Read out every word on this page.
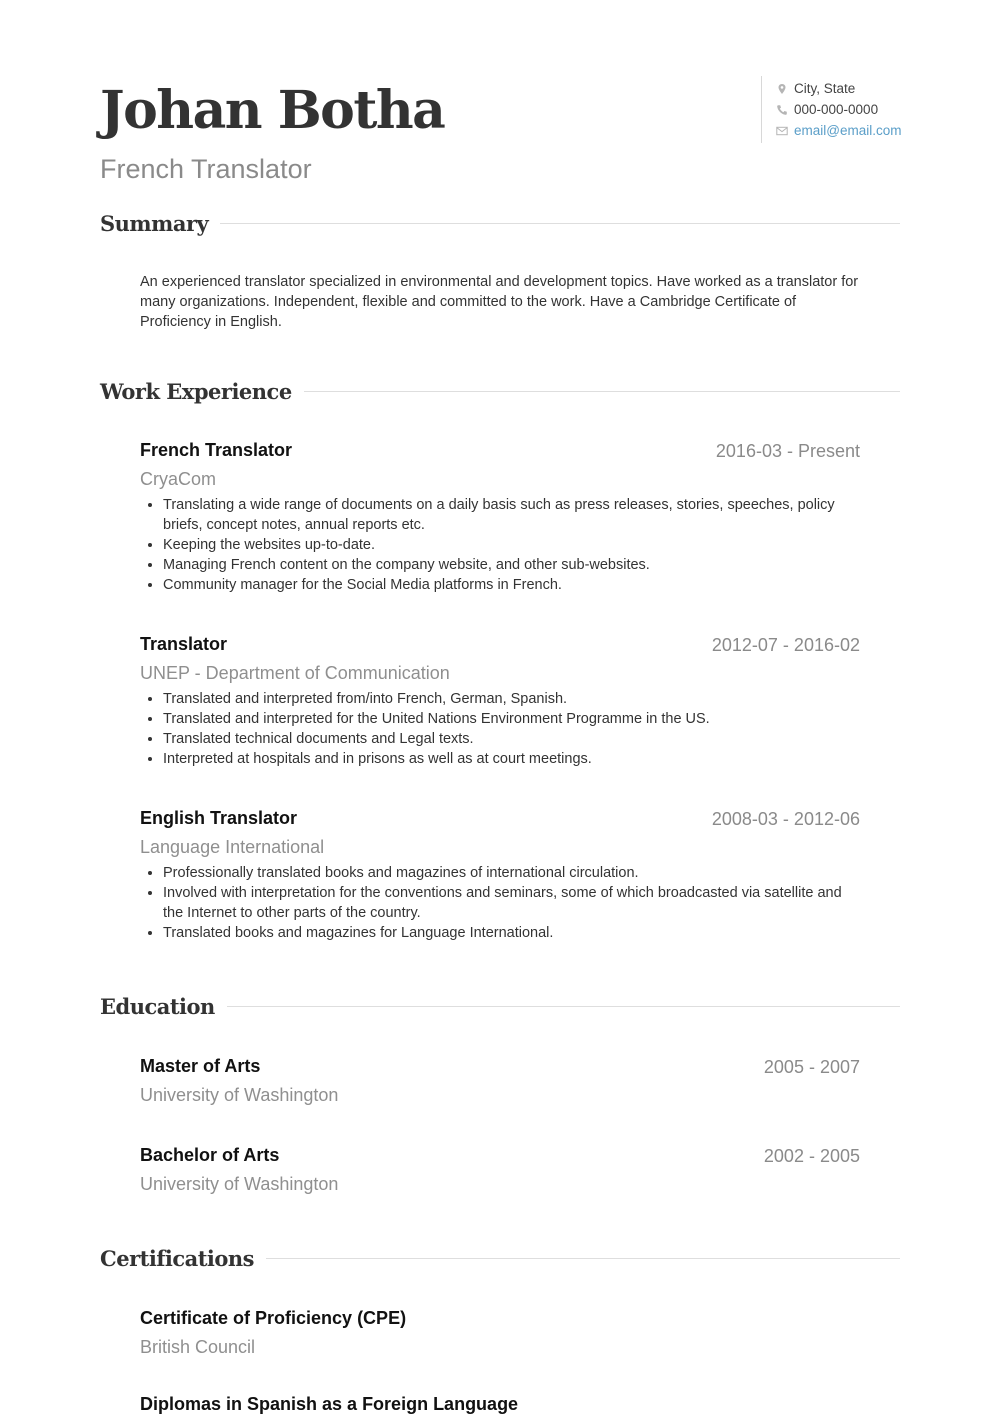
Johan Botha
French Translator
City, State
000-000-0000
email@email.com
Summary
An experienced translator specialized in environmental and development topics. Have worked as a translator for many organizations. Independent, flexible and committed to the work. Have a Cambridge Certificate of Proficiency in English.
Work Experience
French Translator	2016-03 - Present
CryaCom
• Translating a wide range of documents on a daily basis such as press releases, stories, speeches, policy briefs, concept notes, annual reports etc.
• Keeping the websites up-to-date.
• Managing French content on the company website, and other sub-websites.
• Community manager for the Social Media platforms in French.
Translator	2012-07 - 2016-02
UNEP - Department of Communication
• Translated and interpreted from/into French, German, Spanish.
• Translated and interpreted for the United Nations Environment Programme in the US.
• Translated technical documents and Legal texts.
• Interpreted at hospitals and in prisons as well as at court meetings.
English Translator	2008-03 - 2012-06
Language International
• Professionally translated books and magazines of international circulation.
• Involved with interpretation for the conventions and seminars, some of which broadcasted via satellite and the Internet to other parts of the country.
• Translated books and magazines for Language International.
Education
Master of Arts	2005 - 2007
University of Washington
Bachelor of Arts	2002 - 2005
University of Washington
Certifications
Certificate of Proficiency (CPE)
British Council
Diplomas in Spanish as a Foreign Language
